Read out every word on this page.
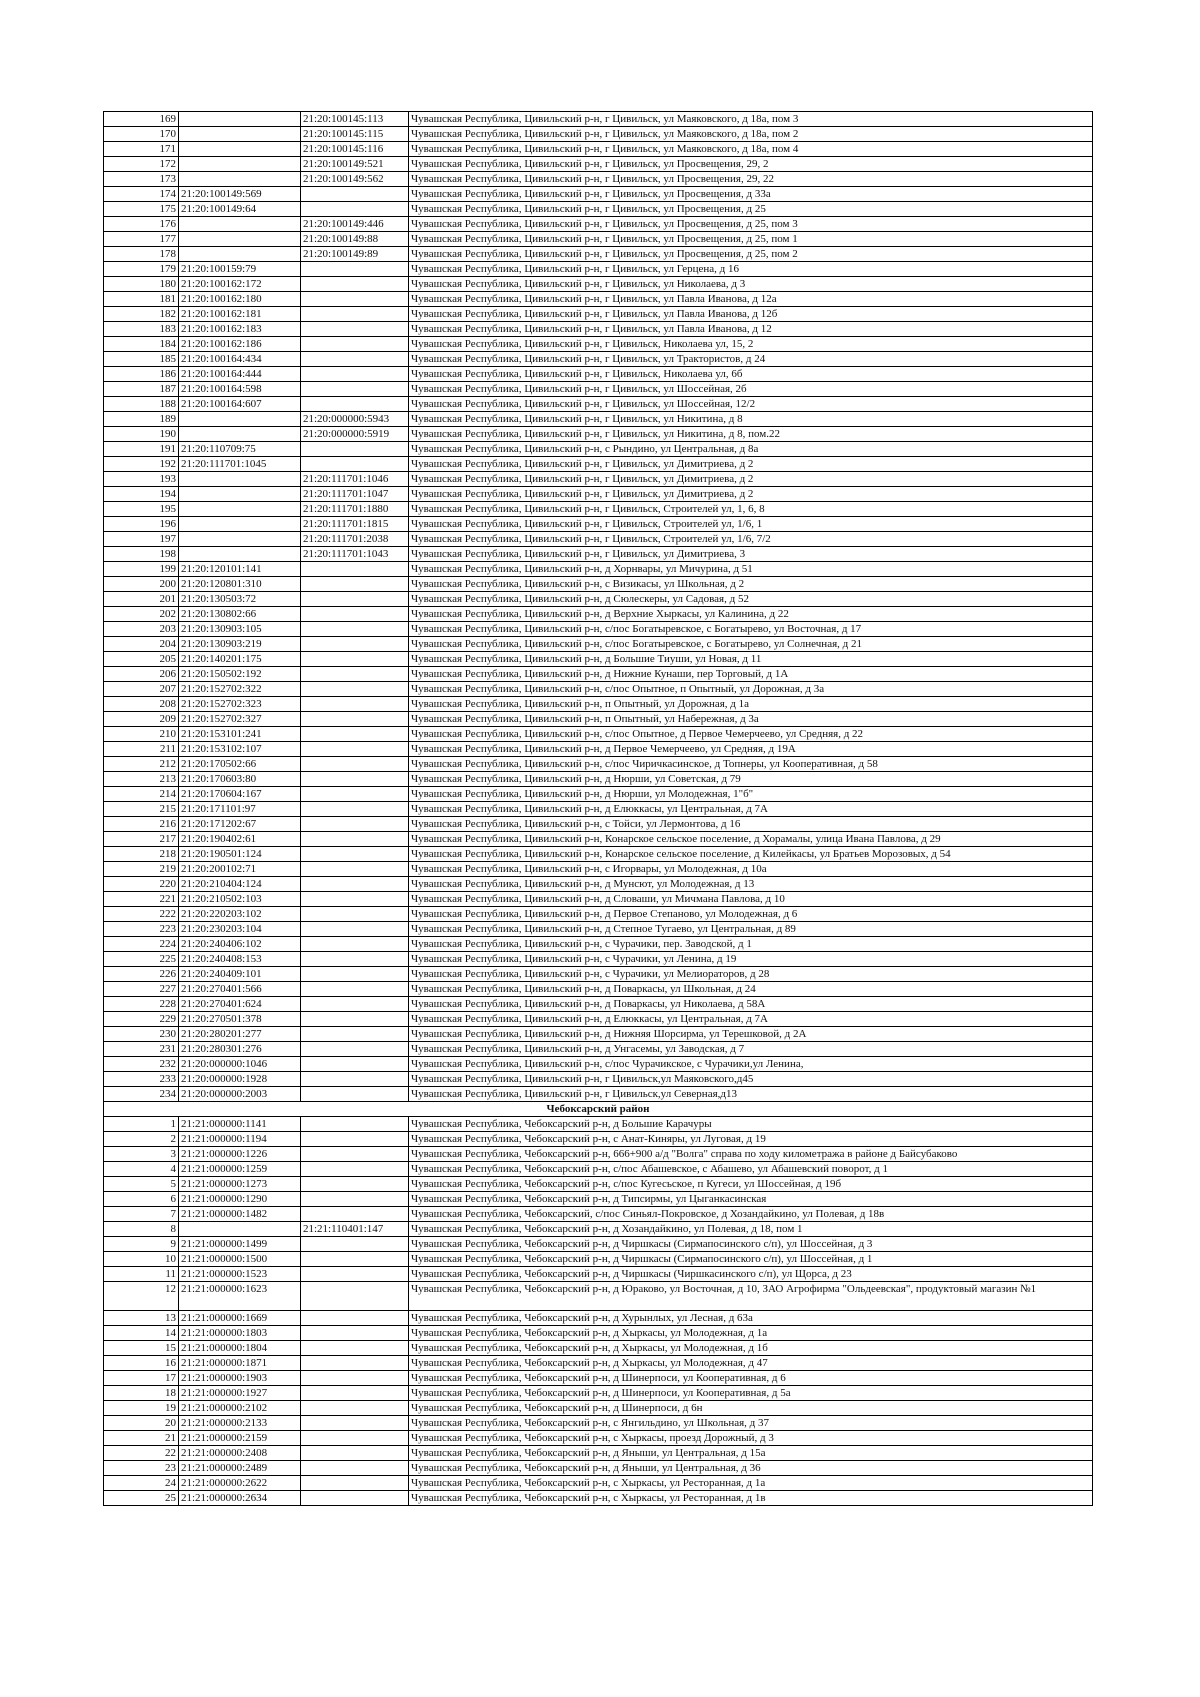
169		21:20:100145:113	Чувашская Республика, Цивильский р-н, г Цивильск, ул Маяковского, д 18а, пом 3
170		21:20:100145:115	Чувашская Республика, Цивильский р-н, г Цивильск, ул Маяковского, д 18а, пом 2
171		21:20:100145:116	Чувашская Республика, Цивильский р-н, г Цивильск, ул Маяковского, д 18а, пом 4
172		21:20:100149:521	Чувашская Республика, Цивильский р-н, г Цивильск, ул Просвещения, 29, 2
173		21:20:100149:562	Чувашская Республика, Цивильский р-н, г Цивильск, ул Просвещения, 29, 22
174	21:20:100149:569		Чувашская Республика, Цивильский р-н, г Цивильск, ул Просвещения, д 33а
175	21:20:100149:64		Чувашская Республика, Цивильский р-н, г Цивильск, ул Просвещения, д 25
176		21:20:100149:446	Чувашская Республика, Цивильский р-н, г Цивильск, ул Просвещения, д 25, пом 3
177		21:20:100149:88	Чувашская Республика, Цивильский р-н, г Цивильск, ул Просвещения, д 25, пом 1
178		21:20:100149:89	Чувашская Республика, Цивильский р-н, г Цивильск, ул Просвещения, д 25, пом 2
179	21:20:100159:79		Чувашская Республика, Цивильский р-н, г Цивильск, ул Герцена, д 16
180	21:20:100162:172		Чувашская Республика, Цивильский р-н, г Цивильск, ул Николаева, д 3
181	21:20:100162:180		Чувашская Республика, Цивильский р-н, г Цивильск, ул Павла Иванова, д 12а
182	21:20:100162:181		Чувашская Республика, Цивильский р-н, г Цивильск, ул Павла Иванова, д 12б
183	21:20:100162:183		Чувашская Республика, Цивильский р-н, г Цивильск, ул Павла Иванова, д 12
184	21:20:100162:186		Чувашская Республика, Цивильский р-н, г Цивильск, Николаева ул, 15, 2
185	21:20:100164:434		Чувашская Республика, Цивильский р-н, г Цивильск, ул Трактористов, д 24
186	21:20:100164:444		Чувашская Республика, Цивильский р-н, г Цивильск, Николаева ул, 6б
187	21:20:100164:598		Чувашская Республика, Цивильский р-н, г Цивильск, ул Шоссейная, 2б
188	21:20:100164:607		Чувашская Республика, Цивильский р-н, г Цивильск, ул Шоссейная, 12/2
189		21:20:000000:5943	Чувашская Республика, Цивильский р-н, г Цивильск, ул Никитина, д 8
190		21:20:000000:5919	Чувашская Республика, Цивильский р-н, г Цивильск, ул Никитина, д 8, пом.22
191	21:20:110709:75		Чувашская Республика, Цивильский р-н, с Рындино, ул Центральная, д 8а
192	21:20:111701:1045		Чувашская Республика, Цивильский р-н, г Цивильск, ул Димитриева, д 2
193		21:20:111701:1046	Чувашская Республика, Цивильский р-н, г Цивильск, ул Димитриева, д 2
194		21:20:111701:1047	Чувашская Республика, Цивильский р-н, г Цивильск, ул Димитриева, д 2
195		21:20:111701:1880	Чувашская Республика, Цивильский р-н, г Цивильск, Строителей ул, 1, 6, 8
196		21:20:111701:1815	Чувашская Республика, Цивильский р-н, г Цивильск, Строителей ул, 1/6, 1
197		21:20:111701:2038	Чувашская Республика, Цивильский р-н, г Цивильск, Строителей ул, 1/6, 7/2
198		21:20:111701:1043	Чувашская Республика, Цивильский р-н, г Цивильск, ул Димитриева, 3
199	21:20:120101:141		Чувашская Республика, Цивильский р-н, д Хорнвары, ул Мичурина, д 51
200	21:20:120801:310		Чувашская Республика, Цивильский р-н, с Визикасы, ул Школьная, д 2
201	21:20:130503:72		Чувашская Республика, Цивильский р-н, д Сюлескеры, ул Садовая, д 52
202	21:20:130802:66		Чувашская Республика, Цивильский р-н, д Верхние Хыркасы, ул Калинина, д 22
203	21:20:130903:105		Чувашская Республика, Цивильский р-н, с/пос Богатыревское, с Богатырево, ул Восточная, д 17
204	21:20:130903:219		Чувашская Республика, Цивильский р-н, с/пос Богатыревское, с Богатырево, ул Солнечная, д 21
205	21:20:140201:175		Чувашская Республика, Цивильский р-н, д Большие Тиуши, ул Новая, д 11
206	21:20:150502:192		Чувашская Республика, Цивильский р-н, д Нижние Кунаши, пер Торговый, д 1А
207	21:20:152702:322		Чувашская Республика, Цивильский р-н, с/пос Опытное, п Опытный, ул Дорожная, д 3а
208	21:20:152702:323		Чувашская Республика, Цивильский р-н, п Опытный, ул Дорожная, д 1а
209	21:20:152702:327		Чувашская Республика, Цивильский р-н, п Опытный, ул Набережная, д 3а
210	21:20:153101:241		Чувашская Республика, Цивильский р-н, с/пос Опытное, д Первое Чемерчеево, ул Средняя, д 22
211	21:20:153102:107		Чувашская Республика, Цивильский р-н, д Первое Чемерчеево, ул Средняя, д 19А
212	21:20:170502:66		Чувашская Республика, Цивильский р-н, с/пос Чиричкасинское, д Топнеры, ул Кооперативная, д 58
213	21:20:170603:80		Чувашская Республика, Цивильский р-н, д Нюрши, ул Советская, д 79
214	21:20:170604:167		Чувашская Республика, Цивильский р-н, д Нюрши, ул Молодежная, 1"б"
215	21:20:171101:97		Чувашская Республика, Цивильский р-н, д Елюккасы, ул Центральная, д 7А
216	21:20:171202:67		Чувашская Республика, Цивильский р-н, с Тойси, ул Лермонтова, д 16
217	21:20:190402:61		Чувашская Республика, Цивильский р-н, Конарское сельское поселение, д Хорамалы, улица Ивана Павлова, д 29
218	21:20:190501:124		Чувашская Республика, Цивильский р-н, Конарское сельское поселение, д Килейкасы, ул Братьев Морозовых, д 54
219	21:20:200102:71		Чувашская Республика, Цивильский р-н, с Игорвары, ул Молодежная, д 10а
220	21:20:210404:124		Чувашская Республика, Цивильский р-н, д Мунсют, ул Молодежная, д 13
221	21:20:210502:103		Чувашская Республика, Цивильский р-н, д Словаши, ул Мичмана Павлова, д 10
222	21:20:220203:102		Чувашская Республика, Цивильский р-н, д Первое Степаново, ул Молодежная, д 6
223	21:20:230203:104		Чувашская Республика, Цивильский р-н, д Степное Тугаево, ул Центральная, д 89
224	21:20:240406:102		Чувашская Республика, Цивильский р-н, с Чурачики, пер. Заводской, д 1
225	21:20:240408:153		Чувашская Республика, Цивильский р-н, с Чурачики, ул Ленина, д 19
226	21:20:240409:101		Чувашская Республика, Цивильский р-н, с Чурачики, ул Мелиораторов, д 28
227	21:20:270401:566		Чувашская Республика, Цивильский р-н, д Поваркасы, ул Школьная, д 24
228	21:20:270401:624		Чувашская Республика, Цивильский р-н, д Поваркасы, ул Николаева, д 58А
229	21:20:270501:378		Чувашская Республика, Цивильский р-н, д Елюккасы, ул Центральная, д 7А
230	21:20:280201:277		Чувашская Республика, Цивильский р-н, д Нижняя Шорсирма, ул Терешковой, д 2А
231	21:20:280301:276		Чувашская Республика, Цивильский р-н, д Унгасемы, ул Заводская, д 7
232	21:20:000000:1046		Чувашская Республика, Цивильский р-н, с/пос Чурачикское, с Чурачики,ул Ленина,
233	21:20:000000:1928		Чувашская Республика, Цивильский р-н, г Цивильск,ул Маяковского,д45
234	21:20:000000:2003		Чувашская Республика, Цивильский р-н, г Цивильск,ул Северная,д13
Чебоксарский район			
1	21:21:000000:1141		Чувашская Республика, Чебоксарский р-н, д Большие Карачуры
2	21:21:000000:1194		Чувашская Республика, Чебоксарский р-н, с Анат-Киняры, ул Луговая, д 19
3	21:21:000000:1226		Чувашская Республика, Чебоксарский р-н, 666+900 а/д "Волга" справа по ходу километража в районе д Байсубаково
4	21:21:000000:1259		Чувашская Республика, Чебоксарский р-н, с/пос Абашевское, с Абашево, ул Абашевский поворот, д 1
5	21:21:000000:1273		Чувашская Республика, Чебоксарский р-н, с/пос Кугесьское, п Кугеси, ул Шоссейная, д 19б
6	21:21:000000:1290		Чувашская Республика, Чебоксарский р-н, д Типсирмы, ул Цыганкасинская
7	21:21:000000:1482		Чувашская Республика, Чебоксарский, с/пос Синьял-Покровское, д Хозандайкино, ул Полевая, д 18в
8		21:21:110401:147	Чувашская Республика, Чебоксарский р-н, д Хозандайкино, ул Полевая, д 18, пом 1
9	21:21:000000:1499		Чувашская Республика, Чебоксарский р-н, д Чиршкасы (Сирмапосинского с/п), ул Шоссейная, д 3
10	21:21:000000:1500		Чувашская Республика, Чебоксарский р-н, д Чиршкасы (Сирмапосинского с/п), ул Шоссейная, д 1
11	21:21:000000:1523		Чувашская Республика, Чебоксарский р-н, д Чиршкасы (Чиршкасинского с/п), ул Щорса, д 23
12	21:21:000000:1623		Чувашская Республика, Чебоксарский р-н, д Юраково, ул Восточная, д 10, ЗАО Агрофирма "Ольдеевская", продуктовый магазин №1
13	21:21:000000:1669		Чувашская Республика, Чебоксарский р-н, д Хурынлых, ул Лесная, д 63а
14	21:21:000000:1803		Чувашская Республика, Чебоксарский р-н, д Хыркасы, ул Молодежная, д 1а
15	21:21:000000:1804		Чувашская Республика, Чебоксарский р-н, д Хыркасы, ул Молодежная, д 1б
16	21:21:000000:1871		Чувашская Республика, Чебоксарский р-н, д Хыркасы, ул Молодежная, д 47
17	21:21:000000:1903		Чувашская Республика, Чебоксарский р-н, д Шинерпоси, ул Кооперативная, д 6
18	21:21:000000:1927		Чувашская Республика, Чебоксарский р-н, д Шинерпоси, ул Кооперативная, д 5а
19	21:21:000000:2102		Чувашская Республика, Чебоксарский р-н, д Шинерпоси, д 6н
20	21:21:000000:2133		Чувашская Республика, Чебоксарский р-н, с Янгильдино, ул Школьная, д 37
21	21:21:000000:2159		Чувашская Республика, Чебоксарский р-н, с Хыркасы, проезд Дорожный, д 3
22	21:21:000000:2408		Чувашская Республика, Чебоксарский р-н, д Яныши, ул Центральная, д 15а
23	21:21:000000:2489		Чувашская Республика, Чебоксарский р-н, д Яныши, ул Центральная, д 36
24	21:21:000000:2622		Чувашская Республика, Чебоксарский р-н, с Хыркасы, ул Ресторанная, д 1а
25	21:21:000000:2634		Чувашская Республика, Чебоксарский р-н, с Хыркасы, ул Ресторанная, д 1в
